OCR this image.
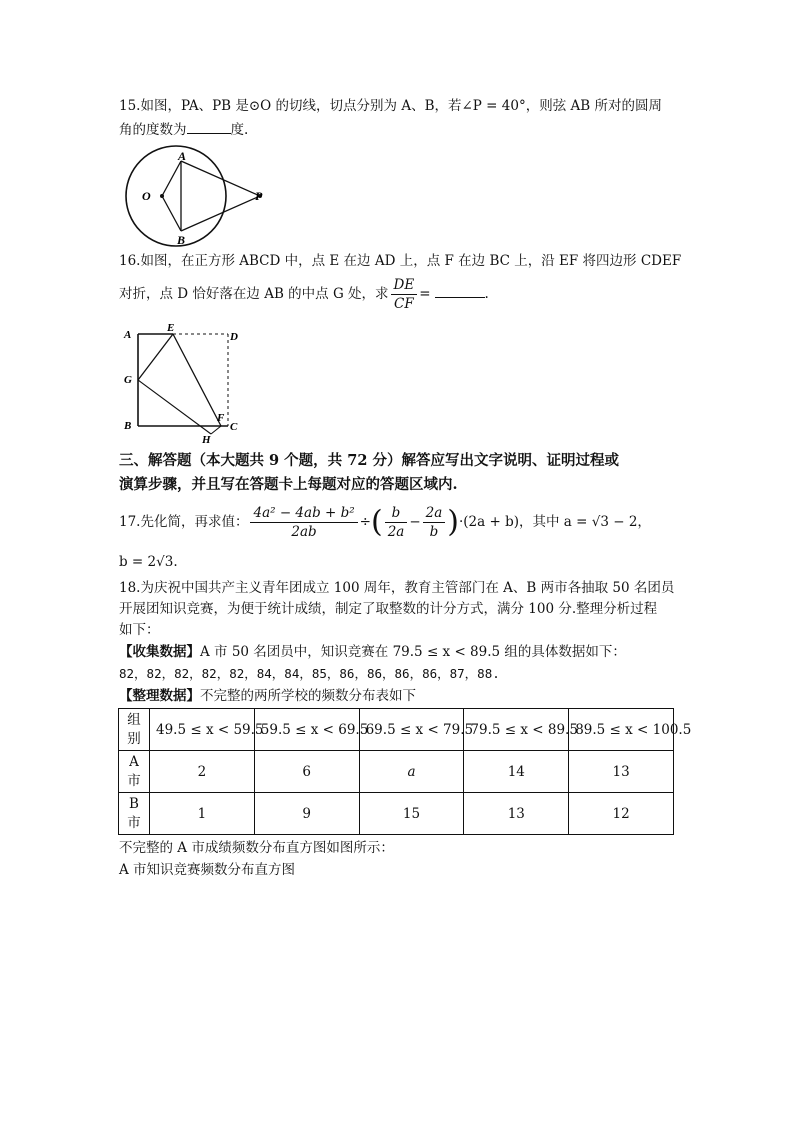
15.如图，PA、PB 是⊙O 的切线，切点分别为 A、B，若∠P = 40°，则弦 AB 所对的圆周
角的度数为	度.
A
B
O	P
16.如图，在正方形 ABCD 中，点 E 在边 AD 上，点 F 在边 BC 上，沿 EF 将四边形 CDEF
对折，点 D 恰好落在边 AB 的中点 G 处，求 $\frac{DE}{CF}$ =	.
A
E
D
G
B
F
H
C
三、解答题（本大题共 9 个题，共 72 分）解答应写出文字说明、证明过程或
演算步骤，并且写在答题卡上每题对应的答题区域内.
17.先化简，再求值： $\frac{\text{4a² − 4ab + b²}}{2ab}$ ÷( $\frac{b}{2a} - \frac{2a}{b} )\cdot(2a + b)$，其中 a = √3 − 2，
b = 2√3.
18.为庆祝中国共产主义青年团成立 100 周年，教育主管部门在 A、B 两市各抽取 50 名团员
开展团知识竞赛，为便于统计成绩，制定了取整数的计分方式，满分 100 分.整理分析过程
如下：
【收集数据】A 市 50 名团员中，知识竞赛在 79.5 ≤ x < 89.5 组的具体数据如下：
82，82，82，82，82，84，84，85，86，86，86，86，87，88.
【整理数据】不完整的两所学校的频数分布表如下
组
别	49.5 ≤ x < 59.5	59.5 ≤ x < 69.5	69.5 ≤ x < 79.5	79.5 ≤ x < 89.5	89.5 ≤ x < 100.5
A
市	2	6	a	14	13
B
市	1	9	15	13	12
不完整的 A 市成绩频数分布直方图如图所示：
A 市知识竞赛频数分布直方图
